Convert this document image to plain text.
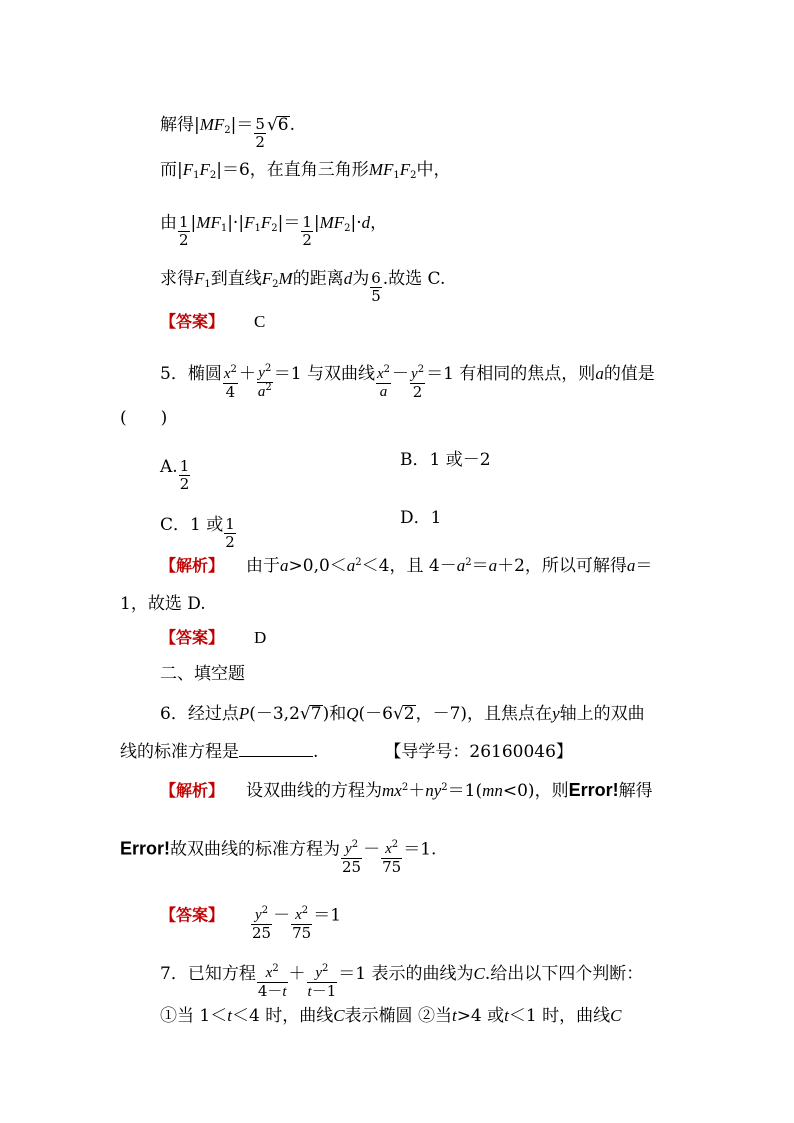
解得$|MF_2|= \frac{5}{2} √6$.
而$|F_1F_2|=6$，在直角三角形$MF_1F_2$中，
由 $\frac{1}{2} |MF_1|\cdot|F_1F_2|= \frac{1}{2} |MF_2|\cdot d$，
求得$F_1$到直线$F_2M$的距离d为 $\frac{6}{5}$ .故选 C.
【答案】 C
5．椭圆 $\frac{x^2}{4} + \frac{y^2}{a^2} =1$ 与双曲线 $\frac{x^2}{a} - \frac{y^2}{2} =1$ 有相同的焦点，则a的值是
(　　)
A. $\frac{1}{2}$	B．1 或－2
C．1 或 $\frac{1}{2}$	D．1
【解析】 由于$a>0,0<a^2<4$，且 $4-a^2=a+2$，所以可解得a＝
1，故选 D.
【答案】 D
二、填空题
6．经过点P(－3,2√7)和Q(－6√2，－7)，且焦点在y轴上的双曲
线的标准方程是	.	【导学号：26160046】
【解析】 设双曲线的方程为$mx^2+ny^2=1(mn<0)$，则Error!解得
Error!故双曲线的标准方程为 $\frac{y^2}{25} - \frac{x^2}{75} =1$.
【答案】 $\frac{y^2}{25} - \frac{x^2}{75} =1$
7．已知方程 $\frac{x^2}{4-t} + \frac{y^2}{t-1} =1$ 表示的曲线为C.给出以下四个判断：
①当 1＜t＜4 时，曲线C表示椭圆 ②当t>4 或t＜1 时，曲线C
